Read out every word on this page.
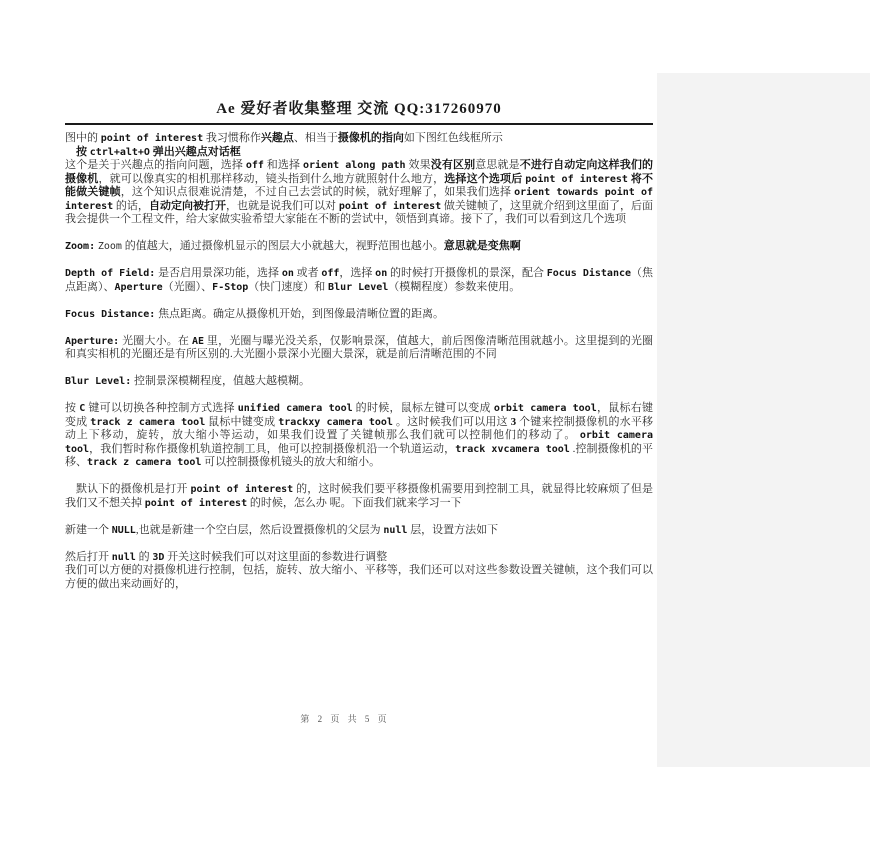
Ae 爱好者收集整理 交流 QQ:317260970

图中的 point of interest 我习惯称作兴趣点、相当于摄像机的指向如下图红色线框所示

按 ctrl+alt+O 弹出兴趣点对话框

这个是关于兴趣点的指向问题，选择 off 和选择 orient along path 效果没有区别意思就是不进行自动定向这样我们的摄像机，就可以像真实的相机那样移动，镜头指到什么地方就照射什么地方，选择这个选项后 point of interest 将不能做关键帧，这个知识点很难说清楚，不过自己去尝试的时候，就好理解了，如果我们选择 orient towards point of interest 的话，自动定向被打开，也就是说我们可以对 point of interest 做关键帧了，这里就介绍到这里面了，后面我会提供一个工程文件，给大家做实验希望大家能在不断的尝试中，领悟到真谛。接下了，我们可以看到这几个选项

Zoom: Zoom 的值越大，通过摄像机显示的图层大小就越大，视野范围也越小。意思就是变焦啊

Depth of Field: 是否启用景深功能，选择 on 或者 off，选择 on 的时候打开摄像机的景深，配合 Focus Distance（焦点距离）、Aperture（光圈）、F-Stop（快门速度）和 Blur Level（模糊程度）参数来使用。

Focus Distance: 焦点距离。确定从摄像机开始，到图像最清晰位置的距离。

Aperture: 光圈大小。在 AE 里，光圈与曝光没关系，仅影响景深，值越大，前后图像清晰范围就越小。这里提到的光圈和真实相机的光圈还是有所区别的.大光圈小景深小光圈大景深，就是前后清晰范围的不同

Blur Level: 控制景深模糊程度，值越大越模糊。

按 C 键可以切换各种控制方式选择 unified camera tool 的时候，鼠标左键可以变成 orbit camera tool，鼠标右键变成 track z camera tool 鼠标中键变成 trackxy camera tool 。这时候我们可以用这 3 个键来控制摄像机的水平移动上下移动，旋转，放大缩小等运动，如果我们设置了关键帧那么我们就可以控制他们的移动了。 orbit camera tool，我们暂时称作摄像机轨道控制工具，他可以控制摄像机沿一个轨道运动，track xvcamera tool .控制摄像机的平移、track z camera tool 可以控制摄像机镜头的放大和缩小。

默认下的摄像机是打开 point of interest 的，这时候我们要平移摄像机需要用到控制工具，就显得比较麻烦了但是我们又不想关掉 point of interest 的时候，怎么办 呢。下面我们就来学习一下

新建一个 NULL,也就是新建一个空白层，然后设置摄像机的父层为 null 层，设置方法如下

然后打开 null 的 3D 开关这时候我们可以对这里面的参数进行调整

我们可以方便的对摄像机进行控制，包括，旋转、放大缩小、平移等，我们还可以对这些参数设置关键帧，这个我们可以方便的做出来动画好的，

第 2 页 共 5 页
